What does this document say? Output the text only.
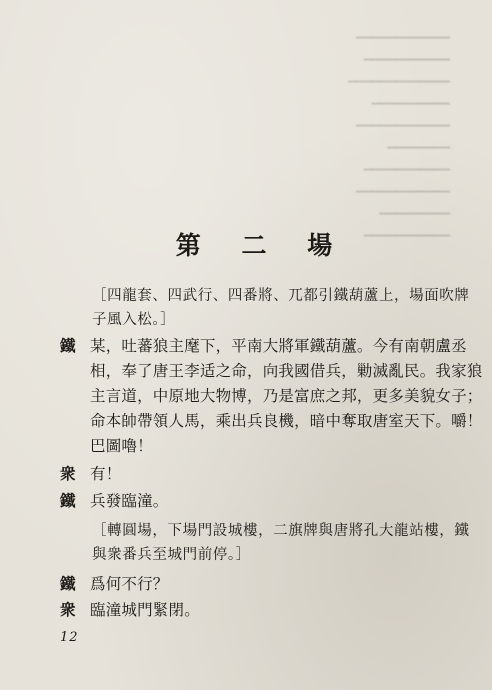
━━━━━━━━━━━━
━━━━━━━━━━━
━━━━━━━━━━━━━
━━━━━━━━━━
━━━━━━━━━━━━
━━━━━━━━
━━━━━━━━━━━
━━━━━━━━━━━━
━━━━━━━━━
━━━━━━━━━━━
第 二 場
［四龍套、四武行、四番將、兀都引鐵葫蘆上，場面吹牌
子風入松。］
鐵 某，吐蕃狼主麾下，平南大將軍鐵葫蘆。今有南朝盧丞
相，奉了唐王李适之命，向我國借兵，勦滅亂民。我家狼
主言道，中原地大物博，乃是富庶之邦，更多美貌女子；
命本帥帶領人馬，乘出兵良機，暗中奪取唐室天下。嚼！
巴圖嚕！
衆 有！
鐵 兵發臨潼。
［轉圓場，下場門設城樓，二旗牌與唐將孔大龍站樓，鐵
與衆番兵至城門前停。］
鐵 爲何不行？
衆 臨潼城門緊閉。
12
